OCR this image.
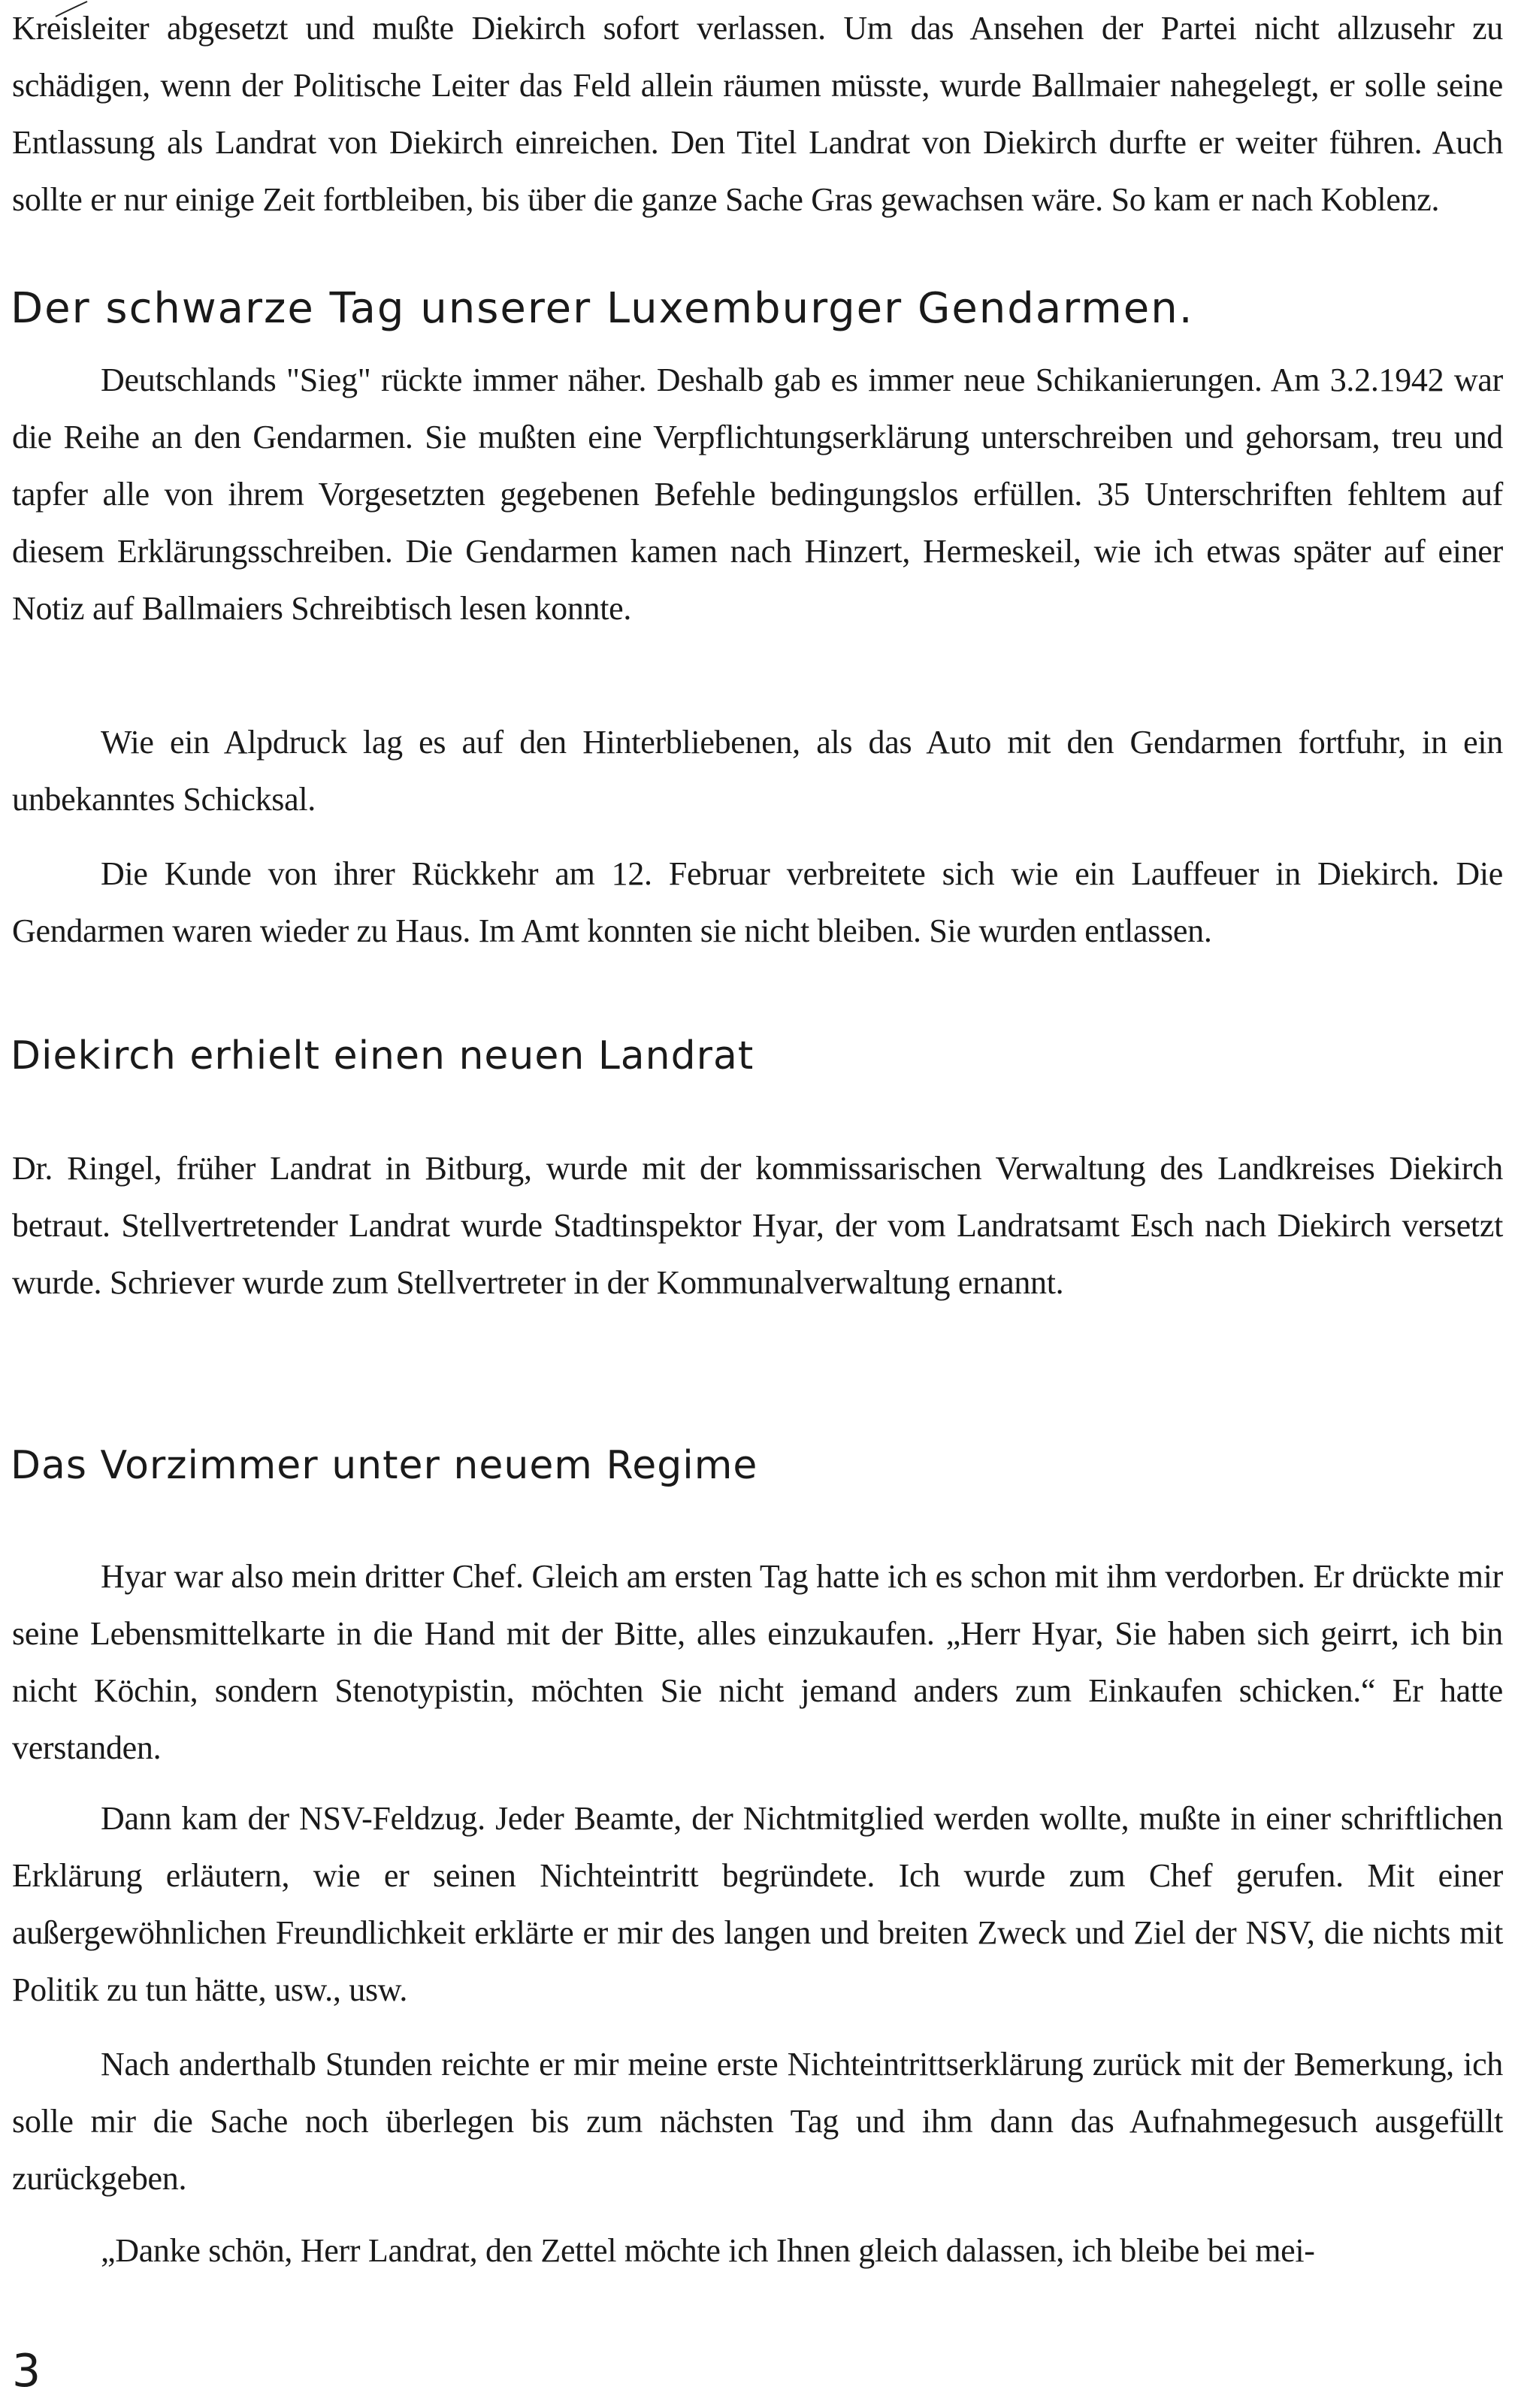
Kreisleiter abgesetzt und mußte Diekirch sofort verlassen. Um das Ansehen der Partei nicht allzusehr zu schädigen, wenn der Politische Leiter das Feld allein räumen müsste, wurde Ballmaier nahegelegt, er solle seine Entlassung als Landrat von Diekirch einreichen. Den Titel Landrat von Diekirch durfte er weiter führen. Auch sollte er nur einige Zeit fortbleiben, bis über die ganze Sache Gras gewachsen wäre. So kam er nach Koblenz.

Der schwarze Tag unserer Luxemburger Gendarmen.

Deutschlands "Sieg" rückte immer näher. Deshalb gab es immer neue Schikanierungen. Am 3.2.1942 war die Reihe an den Gendarmen. Sie mußten eine Verpflichtungserklärung unterschreiben und gehorsam, treu und tapfer alle von ihrem Vorgesetzten gegebenen Befehle bedingungslos erfüllen. 35 Unterschriften fehltem auf diesem Erklärungsschreiben. Die Gendarmen kamen nach Hinzert, Hermeskeil, wie ich etwas später auf einer Notiz auf Ballmaiers Schreibtisch lesen konnte.

Wie ein Alpdruck lag es auf den Hinterbliebenen, als das Auto mit den Gendarmen fortfuhr, in ein unbekanntes Schicksal.

Die Kunde von ihrer Rückkehr am 12. Februar verbreitete sich wie ein Lauffeuer in Diekirch. Die Gendarmen waren wieder zu Haus. Im Amt konnten sie nicht bleiben. Sie wurden entlassen.

Diekirch erhielt einen neuen Landrat

Dr. Ringel, früher Landrat in Bitburg, wurde mit der kommissarischen Verwaltung des Landkreises Diekirch betraut. Stellvertretender Landrat wurde Stadtinspektor Hyar, der vom Landratsamt Esch nach Diekirch versetzt wurde. Schriever wurde zum Stellvertreter in der Kommunalverwaltung ernannt.

Das Vorzimmer unter neuem Regime

Hyar war also mein dritter Chef. Gleich am ersten Tag hatte ich es schon mit ihm verdorben. Er drückte mir seine Lebensmittelkarte in die Hand mit der Bitte, alles einzukaufen. „Herr Hyar, Sie haben sich geirrt, ich bin nicht Köchin, sondern Stenotypistin, möchten Sie nicht jemand anders zum Einkaufen schicken.“ Er hatte verstanden.

Dann kam der NSV-Feldzug. Jeder Beamte, der Nichtmitglied werden wollte, mußte in einer schriftlichen Erklärung erläutern, wie er seinen Nichteintritt begründete. Ich wurde zum Chef gerufen. Mit einer außergewöhnlichen Freundlichkeit erklärte er mir des langen und breiten Zweck und Ziel der NSV, die nichts mit Politik zu tun hätte, usw., usw.

Nach anderthalb Stunden reichte er mir meine erste Nichteintrittserklärung zurück mit der Bemerkung, ich solle mir die Sache noch überlegen bis zum nächsten Tag und ihm dann das Aufnahmegesuch ausgefüllt zurückgeben.

„Danke schön, Herr Landrat, den Zettel möchte ich Ihnen gleich dalassen, ich bleibe bei mei-

3
